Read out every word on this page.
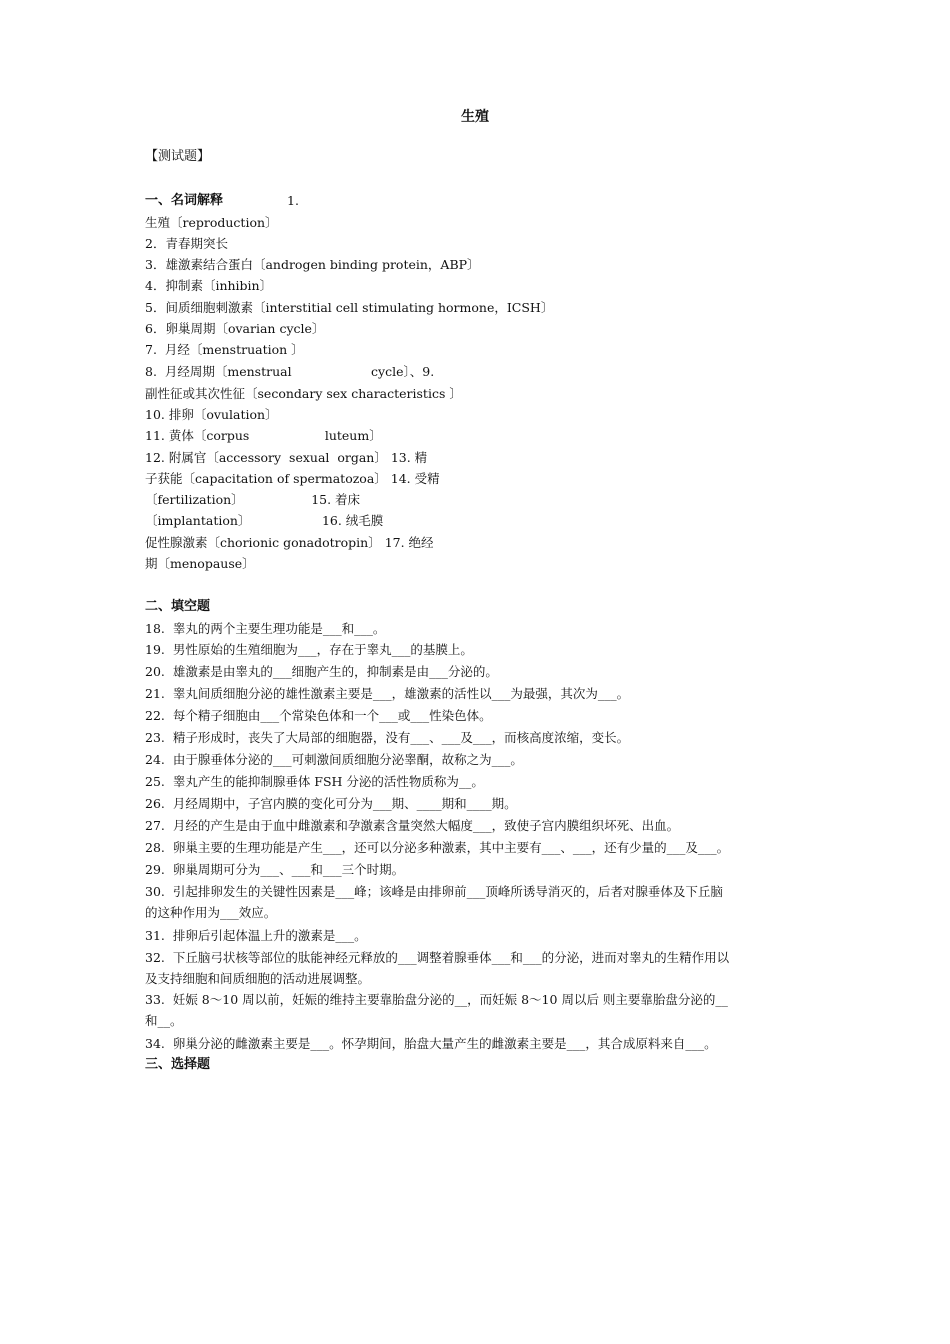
生殖
【测试题】
一、名词解释	1.
生殖〔reproduction〕
2．青春期突长
3．雄激素结合蛋白〔androgen binding protein，ABP〕
4．抑制素〔inhibin〕
5．间质细胞刺激素〔interstitial cell stimulating hormone，ICSH〕
6．卵巢周期〔ovarian cycle〕
7.  月经〔menstruation 〕
8.  月经周期〔menstrual                    cycle〕、9.
副性征或其次性征〔secondary sex characteristics 〕
10. 排卵〔ovulation〕
11. 黄体〔corpus                   luteum〕
12. 附属官〔accessory  sexual  organ〕 13. 精
子获能〔capacitation of spermatozoa〕 14. 受精
〔fertilization〕                 15. 着床
〔implantation〕                  16. 绒毛膜
促性腺激素〔chorionic gonadotropin〕 17. 绝经
期〔menopause〕
二、填空题
18.  睾丸的两个主要生理功能是___和___。
19.  男性原始的生殖细胞为___，存在于睾丸___的基膜上。
20.  雄激素是由睾丸的___细胞产生的，抑制素是由___分泌的。
21.  睾丸间质细胞分泌的雄性激素主要是___，雄激素的活性以___为最强，其次为___。
22.  每个精子细胞由___个常染色体和一个___或___性染色体。
23.  精子形成时，丧失了大局部的细胞器，没有___、___及___，而核高度浓缩，变长。
24.  由于腺垂体分泌的___可刺激间质细胞分泌睾酮，故称之为___。
25.  睾丸产生的能抑制腺垂体 FSH 分泌的活性物质称为__。
26.  月经周期中，子宫内膜的变化可分为___期、____期和____期。
27.  月经的产生是由于血中雌激素和孕激素含量突然大幅度___，致使子宫内膜组织坏死、出血。
28.  卵巢主要的生理功能是产生___，还可以分泌多种激素，其中主要有___、___，还有少量的___及___。
29.  卵巢周期可分为___、___和___三个时期。
30.  引起排卵发生的关键性因素是___峰；该峰是由排卵前___顶峰所诱导消灭的，后者对腺垂体及下丘脑
的这种作用为___效应。
31.  排卵后引起体温上升的激素是___。
32.  下丘脑弓状核等部位的肽能神经元释放的___调整着腺垂体___和___的分泌，进而对睾丸的生精作用以
及支持细胞和间质细胞的活动进展调整。
33.  妊娠 8～10 周以前，妊娠的维持主要靠胎盘分泌的__，而妊娠 8～10 周以后 则主要靠胎盘分泌的__
和__。
34.  卵巢分泌的雌激素主要是___。怀孕期间，胎盘大量产生的雌激素主要是___，其合成原料来自___。
三、选择题
